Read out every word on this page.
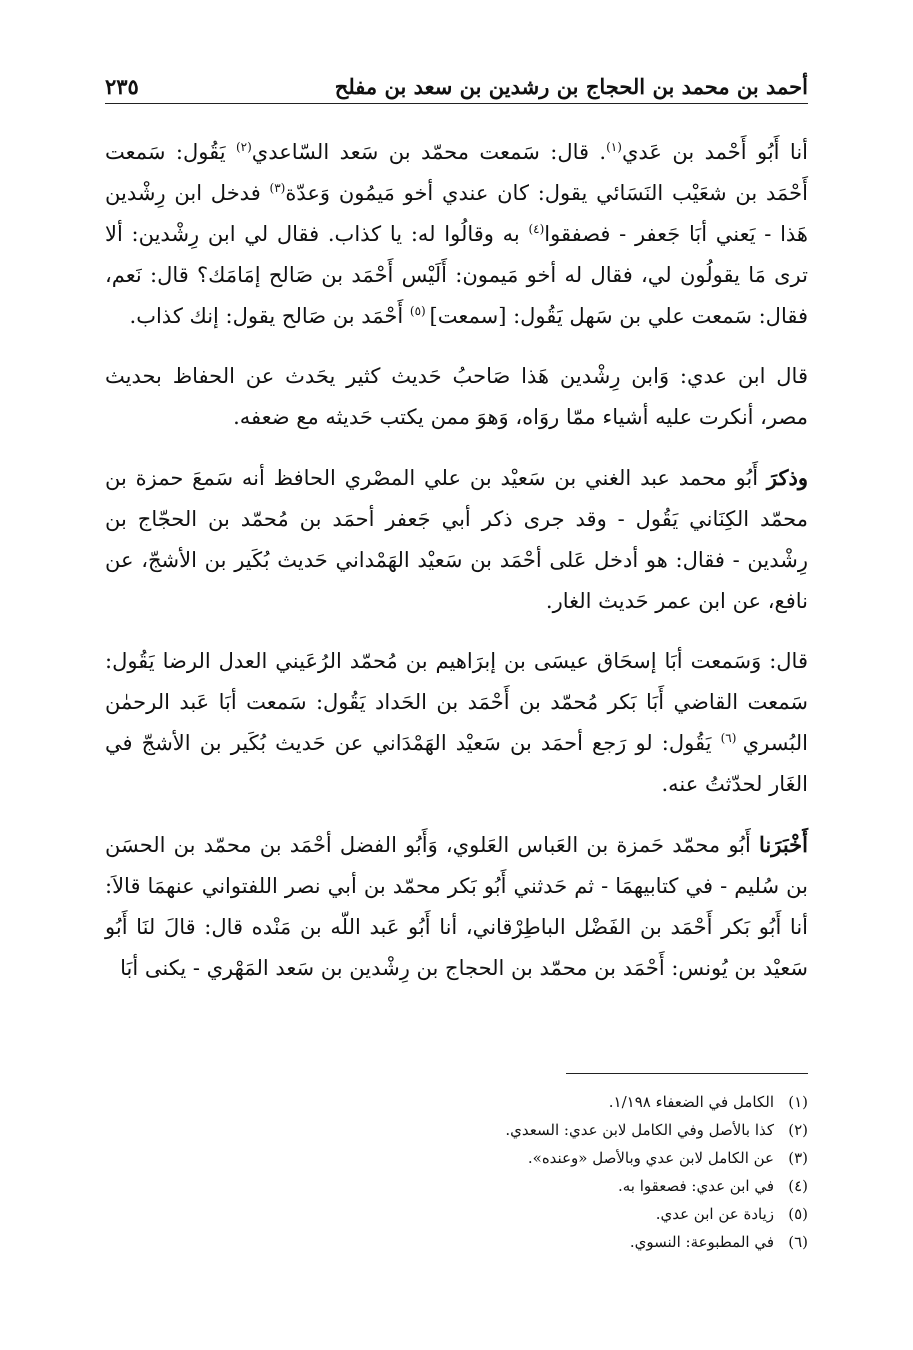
أحمد بن محمد بن الحجاج بن رشدين بن سعد بن مفلح
٢٣٥

أنا أَبُو أَحْمد بن عَدي$^{(١)}$. قال: سَمعت محمّد بن سَعد السّاعدي$^{(٢)}$ يَقُول: سَمعت أَحْمَد بن شعَيْب النَسَائي يقول: كان عندي أخو مَيمُون وَعدّة$^{(٣)}$ فدخل ابن رِشْدين هَذا - يَعني أبَا جَعفر - فصفقوا$^{(٤)}$ به وقالُوا له: يا كذاب. فقال لي ابن رِشْدين: ألا ترى مَا يقولُون لي، فقال له أخو مَيمون: أَلَيْس أَحْمَد بن صَالح إمَامَك؟ قال: نَعم، فقال: سَمعت علي بن سَهل يَقُول: [سمعت] $^{(٥)}$ أَحْمَد بن صَالح يقول: إنك كذاب.

قال ابن عدي: وَابن رِشْدين هَذا صَاحبُ حَديث كثير يحَدث عن الحفاظ بحديث مصر، أنكرت عليه أشياء ممّا روَاه، وَهوَ ممن يكتب حَديثه مع ضعفه.

وذكرَ أَبُو محمد عبد الغني بن سَعيْد بن علي المصْري الحافظ أنه سَمعَ حمزة بن محمّد الكِنَاني يَقُول - وقد جرى ذكر أبي جَعفر أحمَد بن مُحمّد بن الحجّاج بن رِشْدين - فقال: هو أدخل عَلى أحْمَد بن سَعيْد الهَمْداني حَديث بُكَير بن الأشجّ، عن نافع، عن ابن عمر حَديث الغار.

قال: وَسَمعت أبَا إسحَاق عيسَى بن إبرَاهيم بن مُحمّد الرُعَيني العدل الرضا يَقُول: سَمعت القاضي أَبَا بَكر مُحمّد بن أَحْمَد بن الحَداد يَقُول: سَمعت أبَا عَبد الرحمٰن البُسري $^{(٦)}$ يَقُول: لو رَجع أحمَد بن سَعيْد الهَمْدَاني عن حَديث بُكَير بن الأشجّ في الغَار لحدّثتُ عنه.

أَخْبَرَنا أَبُو محمّد حَمزة بن العَباس العَلوي، وَأَبُو الفضل أحْمَد بن محمّد بن الحسَن بن سُليم - في كتابيهمَا - ثم حَدثني أَبُو بَكر محمّد بن أبي نصر اللفتواني عنهمَا قالاَ: أنا أَبُو بَكر أَحْمَد بن الفَضْل الباطِرْقاني، أنا أَبُو عَبد اللّه بن مَنْده قال: قالَ لنَا أَبُو سَعيْد بن يُونس: أَحْمَد بن محمّد بن الحجاج بن رِشْدين بن سَعد المَهْري - يكنى أبَا

(١)
الكامل في الضعفاء ١/١٩٨.
(٢)
كذا بالأصل وفي الكامل لابن عدي: السعدي.
(٣)
عن الكامل لابن عدي وبالأصل «وعنده».
(٤)
في ابن عدي: فصعقوا به.
(٥)
زيادة عن ابن عدي.
(٦)
في المطبوعة: النسوي.
